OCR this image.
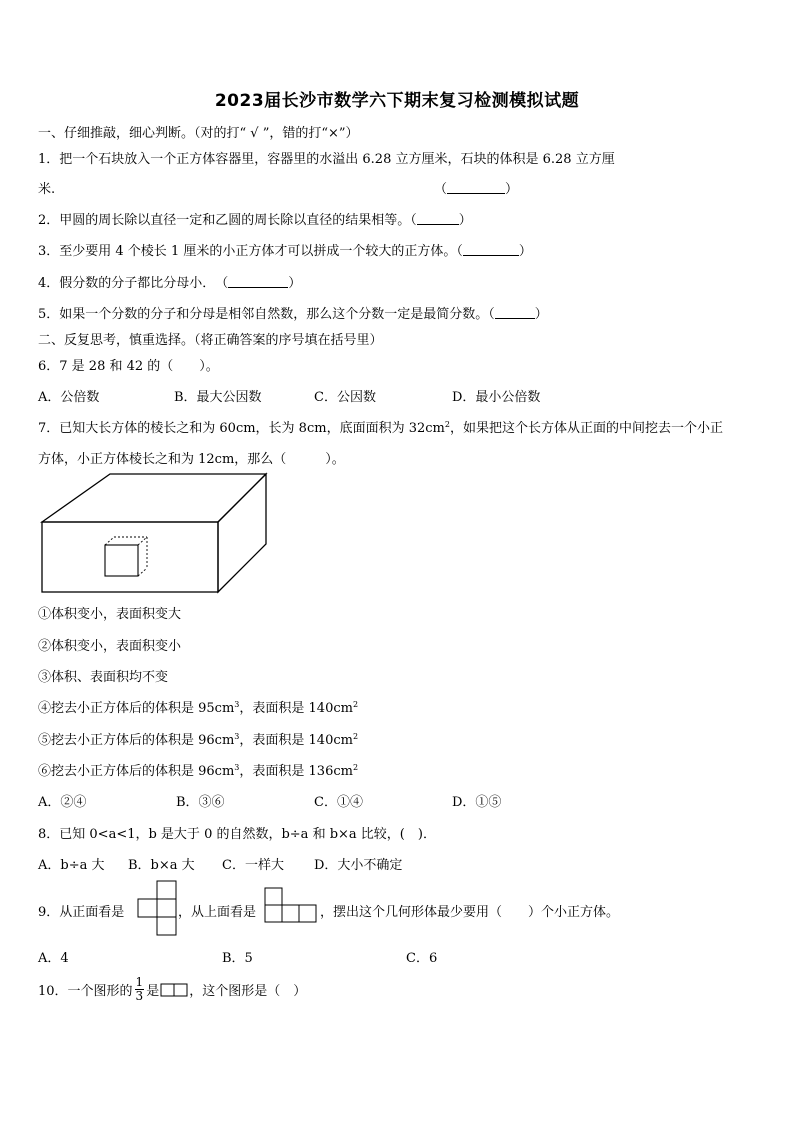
2023届长沙市数学六下期末复习检测模拟试题
一、仔细推敲，细心判断。（对的打“ √ ”，错的打“×”）
1．把一个石块放入一个正方体容器里，容器里的水溢出 6.28 立方厘米，石块的体积是 6.28 立方厘
米.	（	）
2．甲圆的周长除以直径一定和乙圆的周长除以直径的结果相等。（	）
3．至少要用 4 个棱长 1 厘米的小正方体才可以拼成一个较大的正方体。（	）
4．假分数的分子都比分母小．　（	）
5．如果一个分数的分子和分母是相邻自然数，那么这个分数一定是最简分数。（	）
二、反复思考，慎重选择。（将正确答案的序号填在括号里）
6．7 是 28 和 42 的（　　）。
A．公倍数	B．最大公因数	C．公因数	D．最小公倍数
7．已知大长方体的棱长之和为 60cm，长为 8cm，底面面积为 $32cm^2$，如果把这个长方体从正面的中间挖去一个小正
方体，小正方体棱长之和为 12cm，那么（　　　）。
①体积变小，表面积变大
②体积变小，表面积变小
③体积、表面积均不变
④挖去小正方体后的体积是 $95cm^3$，表面积是 $140cm^2$
⑤挖去小正方体后的体积是 $96cm^3$，表面积是 $140cm^2$
⑥挖去小正方体后的体积是 $96cm^3$，表面积是 $136cm^2$
A．②④	B．③⑥	C．①④	D．①⑤
8．已知 0<a<1，b 是大于 0 的自然数，b÷a 和 b×a 比较，(　)．
A．b÷a 大 B．b×a 大 C．一样大 D．大小不确定
9．从正面看是	，从上面看是	，摆出这个几何形体最少要用（　　）个小正方体。
A．4	B．5	C．6
10．一个图形的 $\frac{1}{3}$ 是 ，这个图形是（　）
